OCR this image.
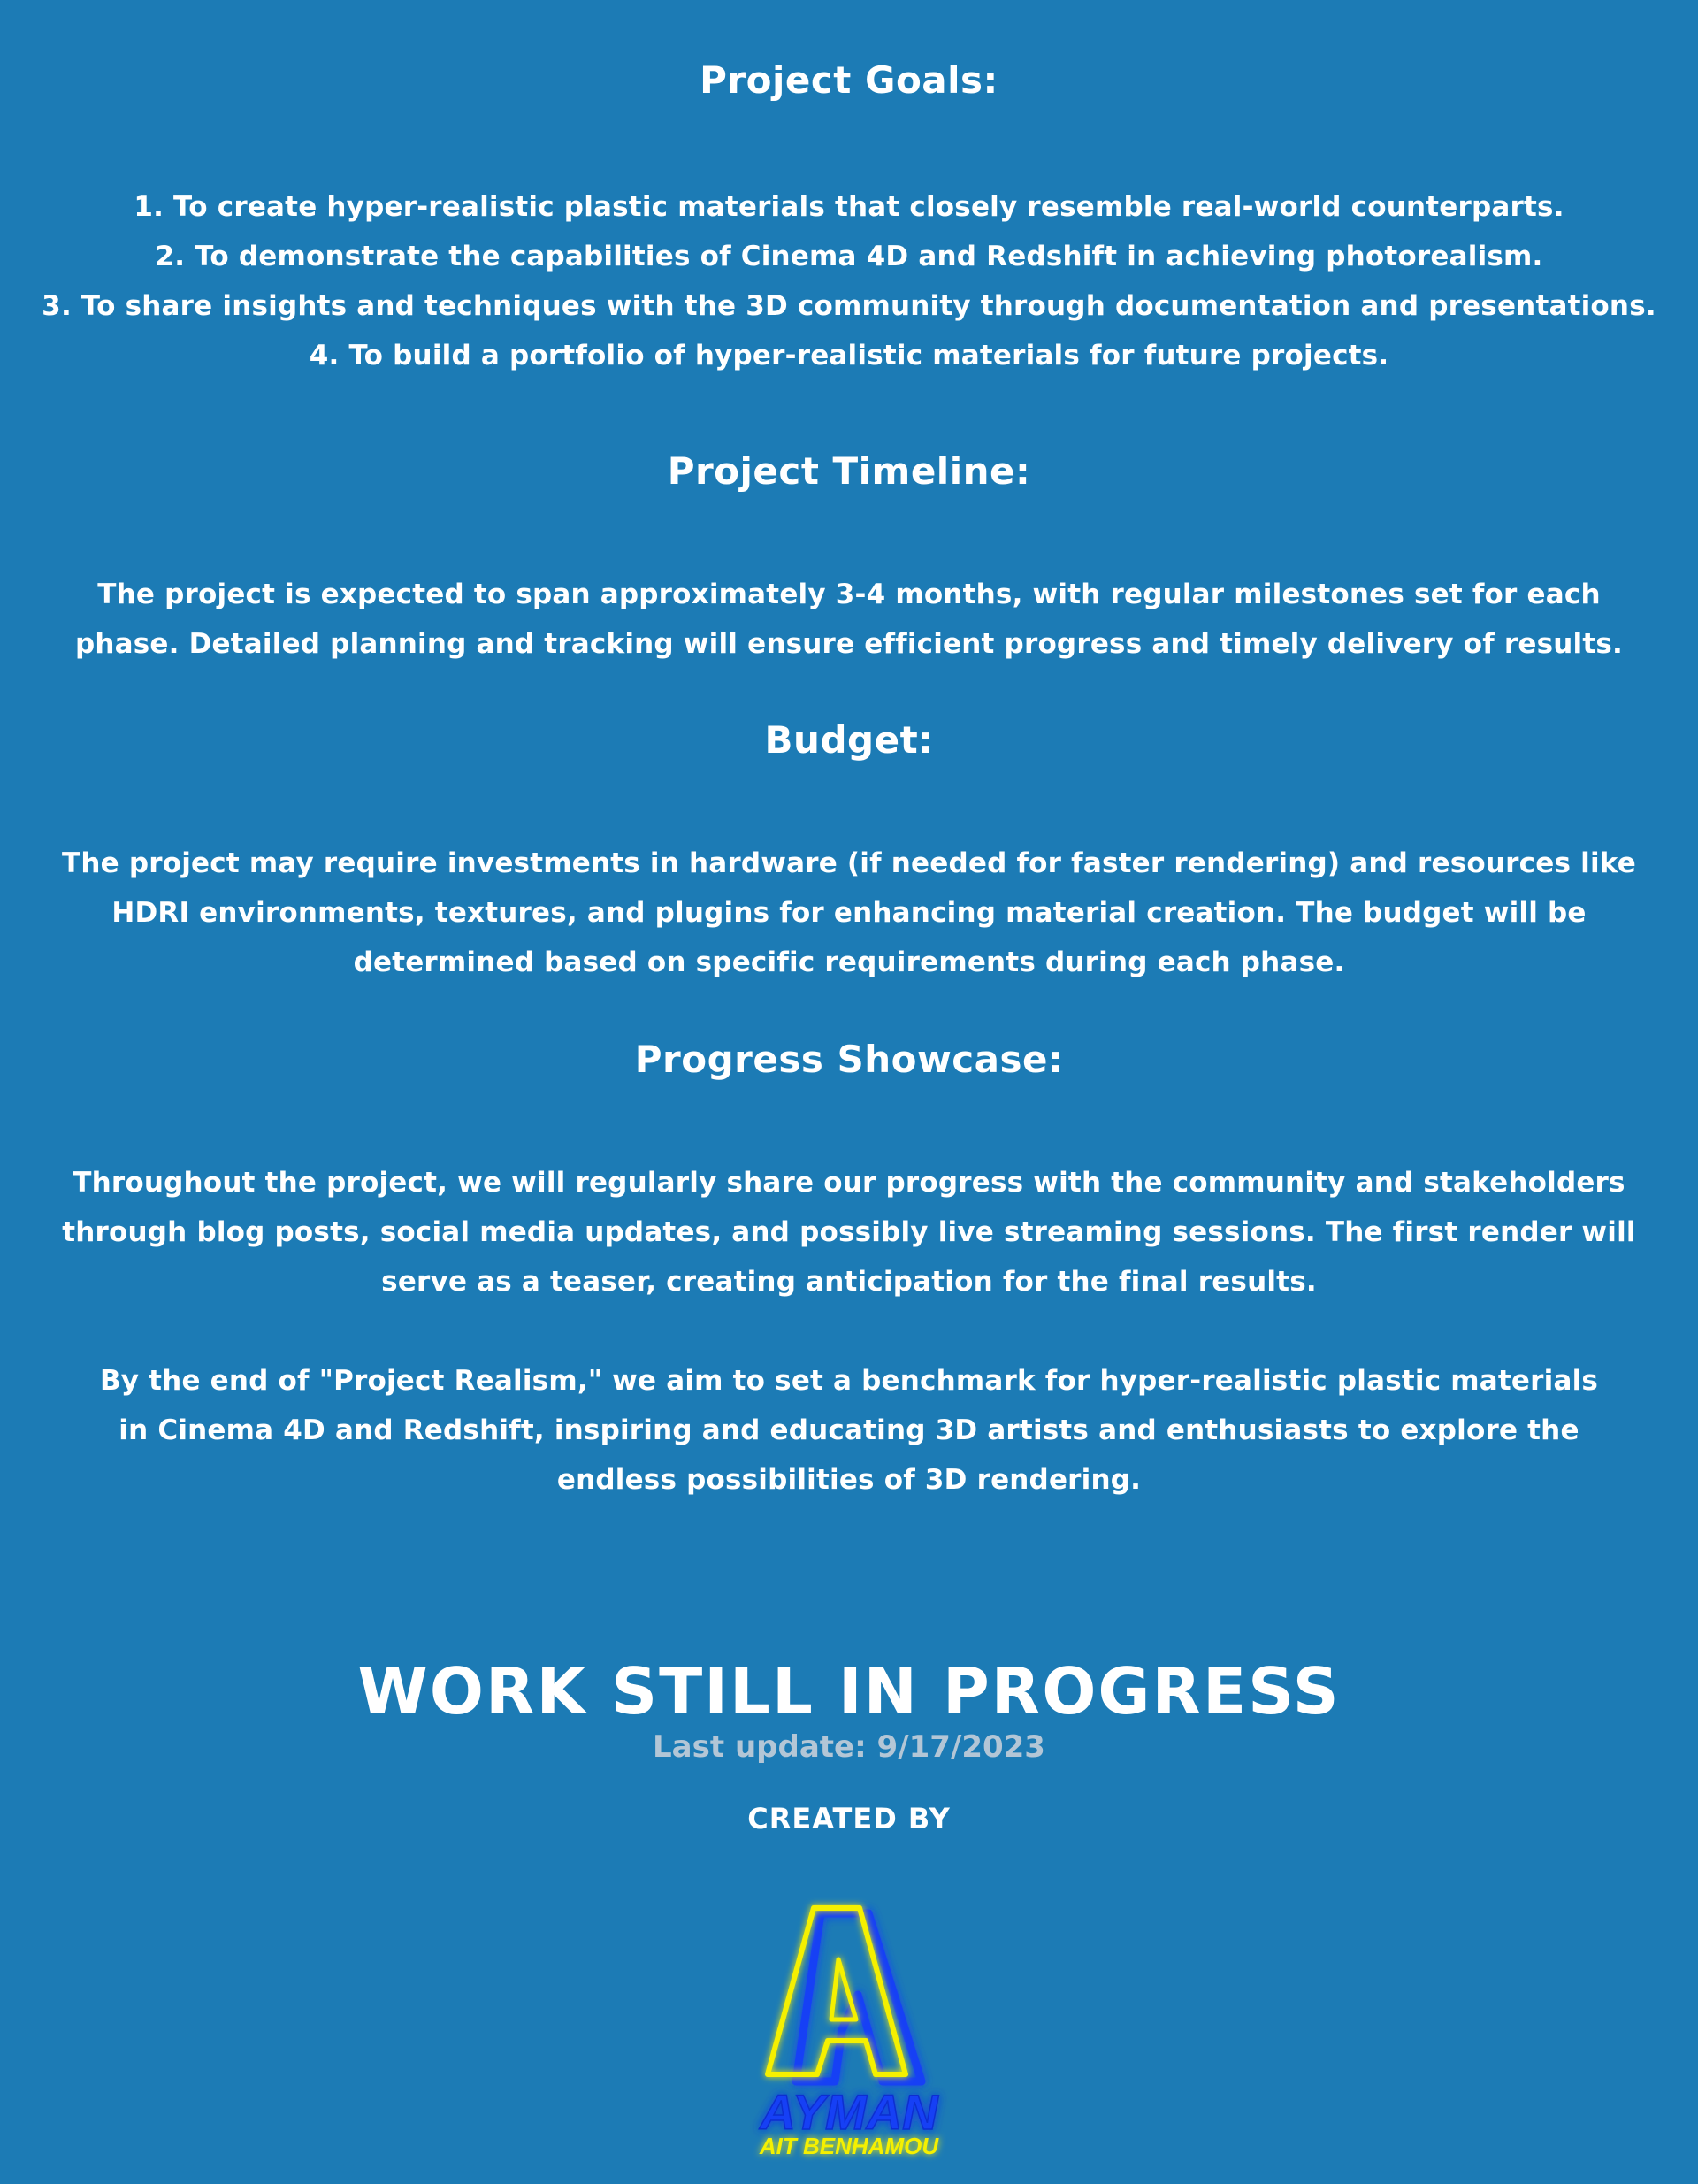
Project Goals:
1. To create hyper-realistic plastic materials that closely resemble real-world counterparts.
2. To demonstrate the capabilities of Cinema 4D and Redshift in achieving photorealism.
3. To share insights and techniques with the 3D community through documentation and presentations.
4. To build a portfolio of hyper-realistic materials for future projects.
Project Timeline:

The project is expected to span approximately 3-4 months, with regular milestones set for each phase. Detailed planning and tracking will ensure efficient progress and timely delivery of results.

Budget:

The project may require investments in hardware (if needed for faster rendering) and resources like HDRI environments, textures, and plugins for enhancing material creation. The budget will be determined based on specific requirements during each phase.

Progress Showcase:

Throughout the project, we will regularly share our progress with the community and stakeholders through blog posts, social media updates, and possibly live streaming sessions. The first render will serve as a teaser, creating anticipation for the final results.

By the end of "Project Realism," we aim to set a benchmark for hyper-realistic plastic materials in Cinema 4D and Redshift, inspiring and educating 3D artists and enthusiasts to explore the endless possibilities of 3D rendering.

WORK STILL IN PROGRESS

Last update: 9/17/2023

CREATED BY
AYMAN
AIT BENHAMOU
